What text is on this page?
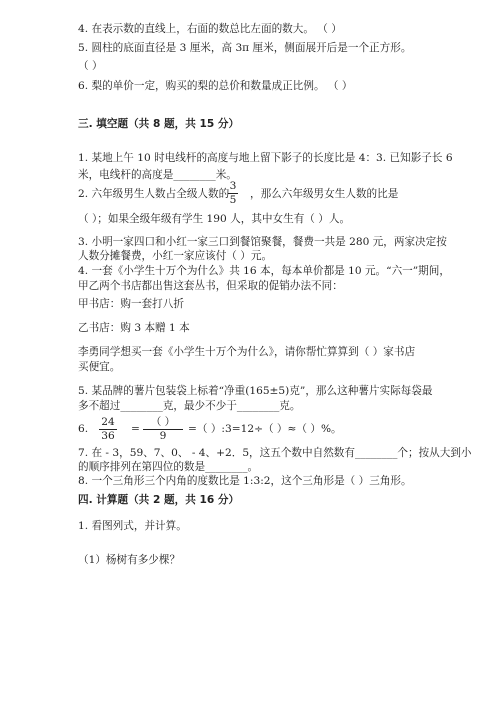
4. 在表示数的直线上，右面的数总比左面的数大。 （ ）
5. 圆柱的底面直径是 3 厘米，高 3π 厘米，侧面展开后是一个正方形。
（ ）
6. 梨的单价一定，购买的梨的总价和数量成正比例。 （ ）
三. 填空题（共 8 题，共 15 分）
1. 某地上午 10 时电线杆的高度与地上留下影子的长度比是 4：3. 已知影子长 6
米，电线杆的高度是________米。
2. 六年级男生人数占全级人数的
3
5	，那么六年级男女生人数的比是
（ ）；如果全级年级有学生 190 人，其中女生有（ ）人。
3. 小明一家四口和小红一家三口到餐馆聚餐，餐费一共是 280 元，两家决定按
人数分摊餐费，小红一家应该付（ ）元。
4. 一套《小学生十万个为什么》共 16 本，每本单价都是 10 元。“六一”期间，
甲乙两个书店都出售这套丛书，但采取的促销办法不同：
甲书店：购一套打八折
乙书店：购 3 本赠 1 本
李勇同学想买一套《小学生十万个为什么》，请你帮忙算算到（ ）家书店
买便宜。
5. 某品牌的薯片包装袋上标着“净重(165±5)克”，那么这种薯片实际每袋最
多不超过________克，最少不少于________克。
6.
24
36
=
（ ）
9
=（ ）:3=12÷（ ）≈（ ）%。
7. 在 - 3，59、7、0、 - 4、+2．5，这五个数中自然数有________个；按从大到小
的顺序排列在第四位的数是________。
8. 一个三角形三个内角的度数比是 1:3:2，这个三角形是（ ）三角形。
四. 计算题（共 2 题，共 16 分）
1. 看图列式，并计算。
（1）杨树有多少棵？
